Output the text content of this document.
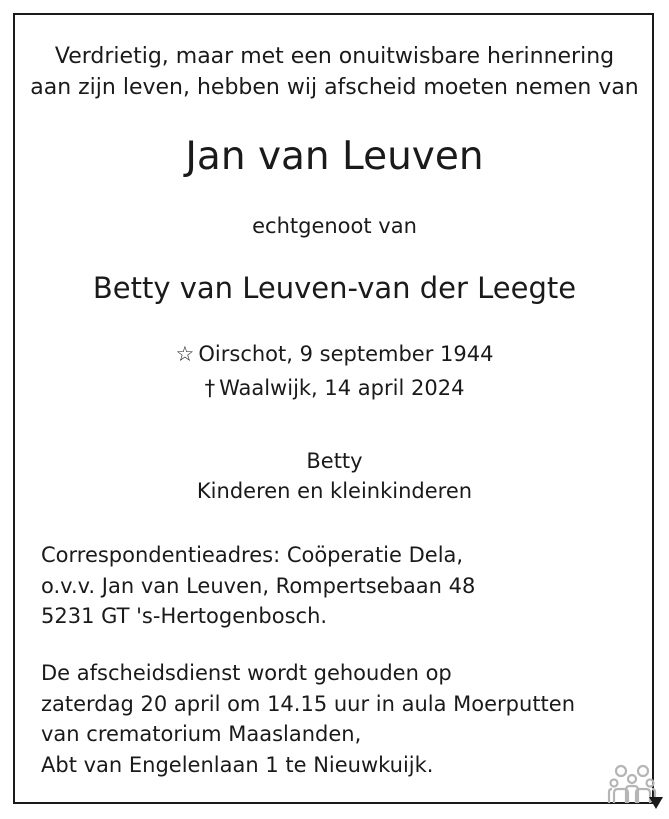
Verdrietig, maar met een onuitwisbare herinnering
aan zijn leven, hebben wij afscheid moeten nemen van
Jan van Leuven
echtgenoot van
Betty van Leuven-van der Leegte
☆ Oirschot, 9 september 1944
† Waalwijk, 14 april 2024
Betty
Kinderen en kleinkinderen
Correspondentieadres: Coöperatie Dela,
o.v.v. Jan van Leuven, Rompertsebaan 48
5231 GT 's-Hertogenbosch.
De afscheidsdienst wordt gehouden op
zaterdag 20 april om 14.15 uur in aula Moerputten
van crematorium Maaslanden,
Abt van Engelenlaan 1 te Nieuwkuijk.
